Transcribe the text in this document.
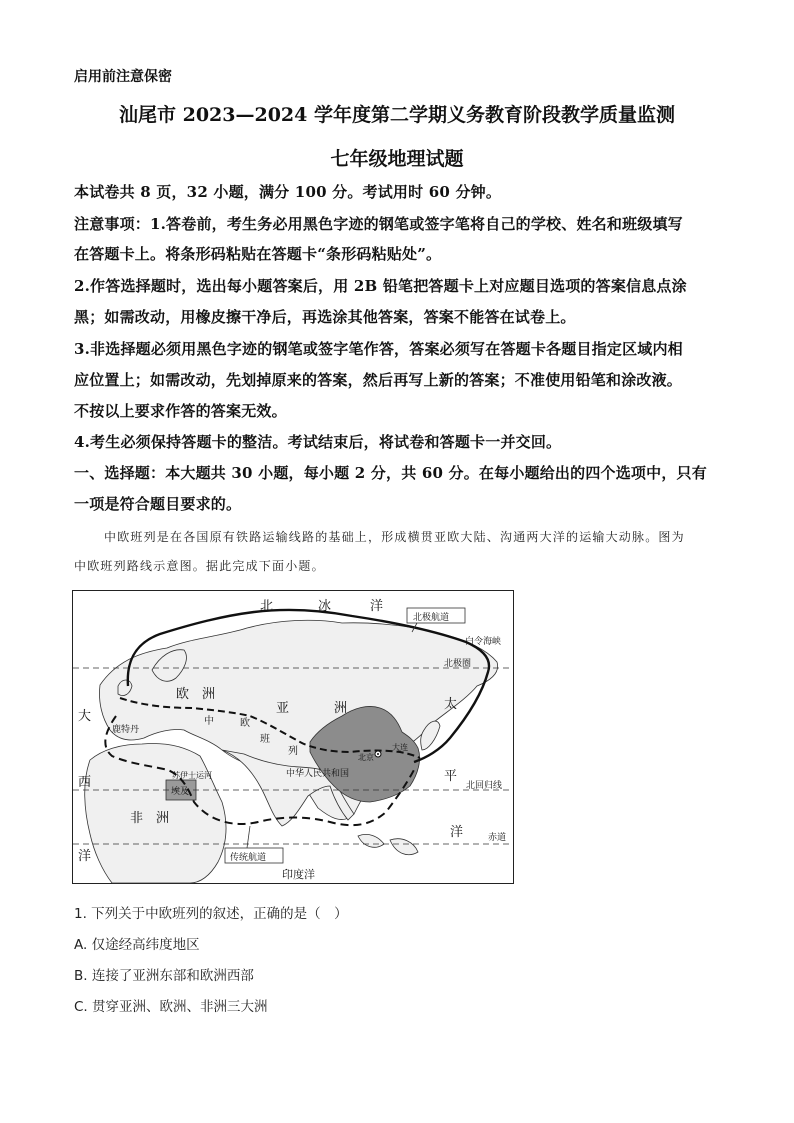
启用前注意保密
汕尾市 2023—2024 学年度第二学期义务教育阶段教学质量监测
七年级地理试题
本试卷共 8 页，32 小题，满分 100 分。考试用时 60 分钟。
注意事项：1.答卷前，考生务必用黑色字迹的钢笔或签字笔将自己的学校、姓名和班级填写
在答题卡上。将条形码粘贴在答题卡“条形码粘贴处”。
2.作答选择题时，选出每小题答案后，用 2B 铅笔把答题卡上对应题目选项的答案信息点涂
黑；如需改动，用橡皮擦干净后，再选涂其他答案，答案不能答在试卷上。
3.非选择题必须用黑色字迹的钢笔或签字笔作答，答案必须写在答题卡各题目指定区域内相
应位置上；如需改动，先划掉原来的答案，然后再写上新的答案；不准使用铅笔和涂改液。
不按以上要求作答的答案无效。
4.考生必须保持答题卡的整洁。考试结束后，将试卷和答题卡一并交回。
一、选择题：本大题共 30 小题，每小题 2 分，共 60 分。在每小题给出的四个选项中，只有
一项是符合题目要求的。
中欧班列是在各国原有铁路运输线路的基础上，形成横贯亚欧大陆、沟通两大洋的运输大动脉。图为
中欧班列路线示意图。据此完成下面小题。
北	冰	洋
北极航道
白令海峡
北极圈
欧　洲
亚	洲
大
西
洋
鹿特丹
中	欧
班
列
北京
大连
中华人民共和国
苏伊士运河
埃及
非　洲
太
平
洋
北回归线
赤道
传统航道
印度洋
1. 下列关于中欧班列的叙述，正确的是（　）
A. 仅途经高纬度地区
B. 连接了亚洲东部和欧洲西部
C. 贯穿亚洲、欧洲、非洲三大洲
